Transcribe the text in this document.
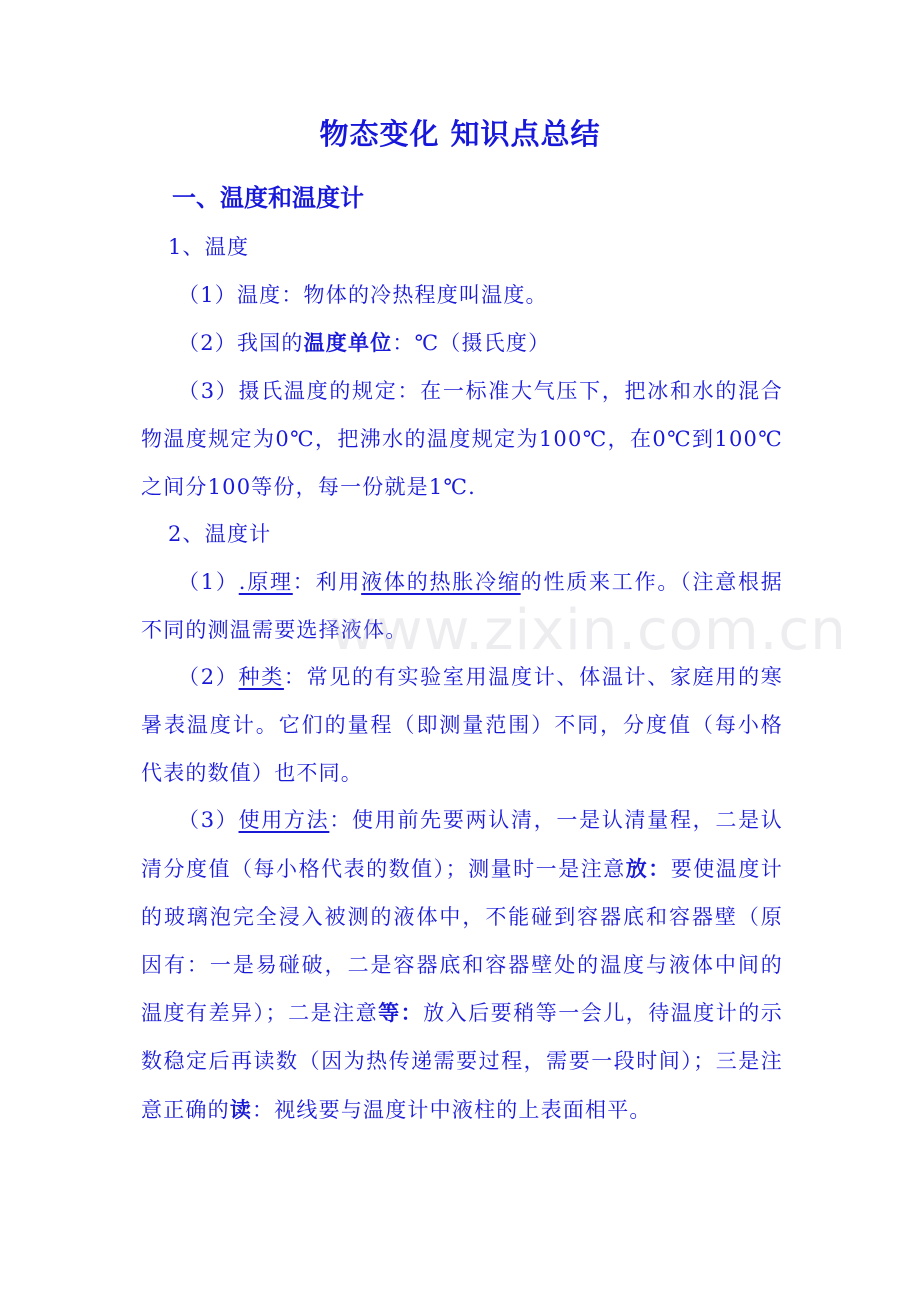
物态变化 知识点总结
一、温度和温度计

1、温度

（1）温度：物体的冷热程度叫温度。

（2）我国的温度单位：℃（摄氏度）

（3）摄氏温度的规定：在一标准大气压下，把冰和水的混合物温度规定为0℃，把沸水的温度规定为100℃，在0℃到100℃之间分100等份，每一份就是1℃.

2、温度计

（1）.原理：利用液体的热胀冷缩的性质来工作。（注意根据不同的测温需要选择液体。

（2）种类：常见的有实验室用温度计、体温计、家庭用的寒暑表温度计。它们的量程（即测量范围）不同，分度值（每小格代表的数值）也不同。

（3）使用方法：使用前先要两认清，一是认清量程，二是认清分度值（每小格代表的数值）；测量时一是注意放：要使温度计的玻璃泡完全浸入被测的液体中，不能碰到容器底和容器壁（原因有：一是易碰破，二是容器底和容器壁处的温度与液体中间的温度有差异）；二是注意等：放入后要稍等一会儿，待温度计的示数稳定后再读数（因为热传递需要过程，需要一段时间）；三是注意正确的读：视线要与温度计中液柱的上表面相平。

www.zixin.com.cn
